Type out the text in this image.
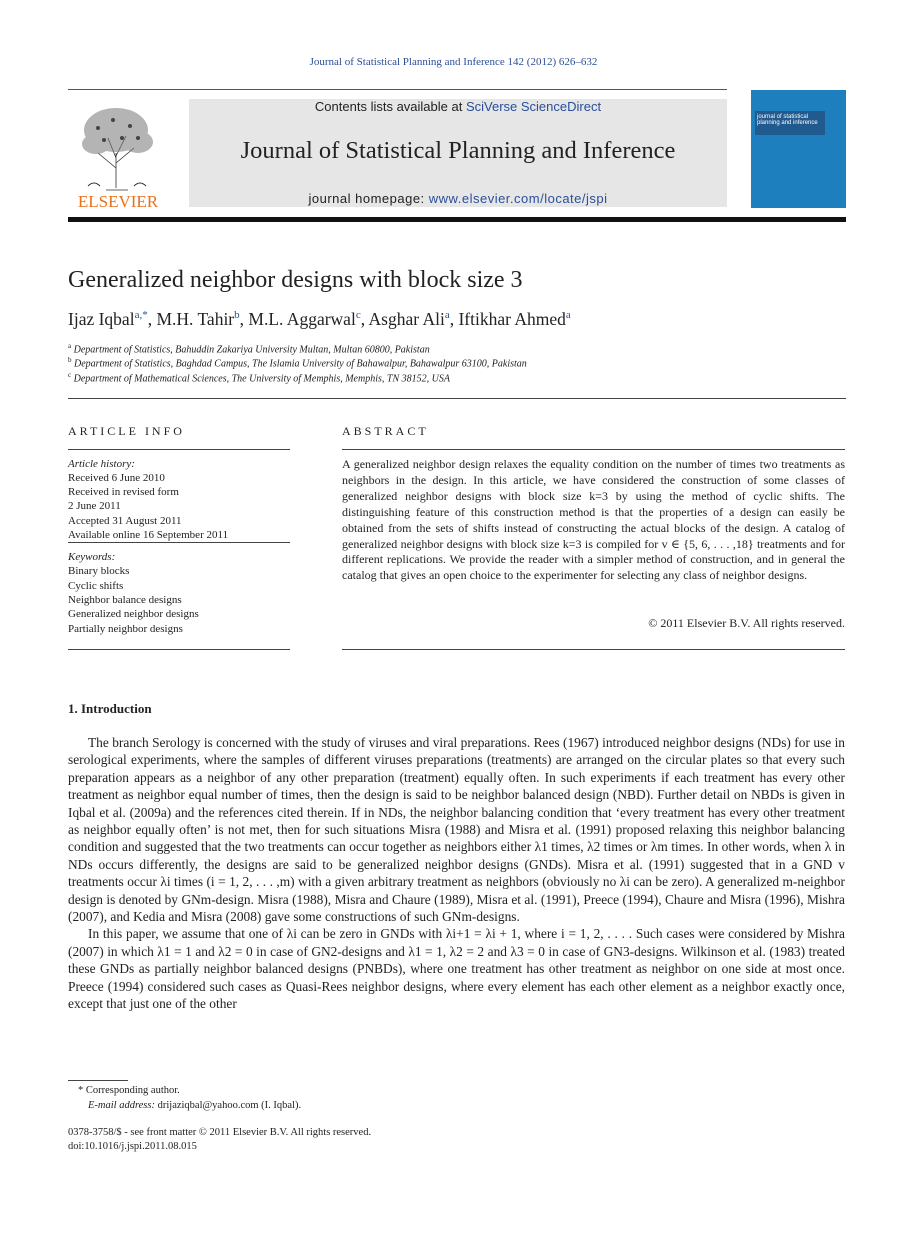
Journal of Statistical Planning and Inference 142 (2012) 626–632
ELSEVIER
Contents lists available at SciVerse ScienceDirect
Journal of Statistical Planning and Inference
journal homepage: www.elsevier.com/locate/jspi
journal of statistical planning and inference
Generalized neighbor designs with block size 3
Ijaz Iqbal$^{a,*}$, M.H. Tahir$^b$, M.L. Aggarwal$^c$, Asghar Ali$^a$, Iftikhar Ahmed$^a$
$^a$ Department of Statistics, Bahuddin Zakariya University Multan, Multan 60800, Pakistan
$^b$ Department of Statistics, Baghdad Campus, The Islamia University of Bahawalpur, Bahawalpur 63100, Pakistan
$^c$ Department of Mathematical Sciences, The University of Memphis, Memphis, TN 38152, USA
ARTICLE INFO
Article history:
Received 6 June 2010
Received in revised form
2 June 2011
Accepted 31 August 2011
Available online 16 September 2011
Keywords:
Binary blocks
Cyclic shifts
Neighbor balance designs
Generalized neighbor designs
Partially neighbor designs
ABSTRACT
A generalized neighbor design relaxes the equality condition on the number of times two treatments as neighbors in the design. In this article, we have considered the construction of some classes of generalized neighbor designs with block size k=3 by using the method of cyclic shifts. The distinguishing feature of this construction method is that the properties of a design can easily be obtained from the sets of shifts instead of constructing the actual blocks of the design. A catalog of generalized neighbor designs with block size k=3 is compiled for v ∈ {5, 6, . . . ,18} treatments and for different replications. We provide the reader with a simpler method of construction, and in general the catalog that gives an open choice to the experimenter for selecting any class of neighbor designs.
© 2011 Elsevier B.V. All rights reserved.
1. Introduction

The branch Serology is concerned with the study of viruses and viral preparations. Rees (1967) introduced neighbor designs (NDs) for use in serological experiments, where the samples of different viruses preparations (treatments) are arranged on the circular plates so that every such preparation appears as a neighbor of any other preparation (treatment) equally often. In such experiments if each treatment has every other treatment as neighbor equal number of times, then the design is said to be neighbor balanced design (NBD). Further detail on NBDs is given in Iqbal et al. (2009a) and the references cited therein. If in NDs, the neighbor balancing condition that ‘every treatment has every other treatment as neighbor equally often’ is not met, then for such situations Misra (1988) and Misra et al. (1991) proposed relaxing this neighbor balancing condition and suggested that the two treatments can occur together as neighbors either λ1 times, λ2 times or λm times. In other words, when λ in NDs occurs differently, the designs are said to be generalized neighbor designs (GNDs). Misra et al. (1991) suggested that in a GND v treatments occur λi times (i = 1, 2, . . . ,m) with a given arbitrary treatment as neighbors (obviously no λi can be zero). A generalized m-neighbor design is denoted by GNm-design. Misra (1988), Misra and Chaure (1989), Misra et al. (1991), Preece (1994), Chaure and Misra (1996), Mishra (2007), and Kedia and Misra (2008) gave some constructions of such GNm-designs.

In this paper, we assume that one of λi can be zero in GNDs with λi+1 = λi + 1, where i = 1, 2, . . . . Such cases were considered by Mishra (2007) in which λ1 = 1 and λ2 = 0 in case of GN2-designs and λ1 = 1, λ2 = 2 and λ3 = 0 in case of GN3-designs. Wilkinson et al. (1983) treated these GNDs as partially neighbor balanced designs (PNBDs), where one treatment has other treatment as neighbor on one side at most once. Preece (1994) considered such cases as Quasi-Rees neighbor designs, where every element has each other element as a neighbor exactly once, except that just one of the other

* Corresponding author.
E-mail address: drijaziqbal@yahoo.com (I. Iqbal).
0378-3758/$ - see front matter © 2011 Elsevier B.V. All rights reserved.
doi:10.1016/j.jspi.2011.08.015
